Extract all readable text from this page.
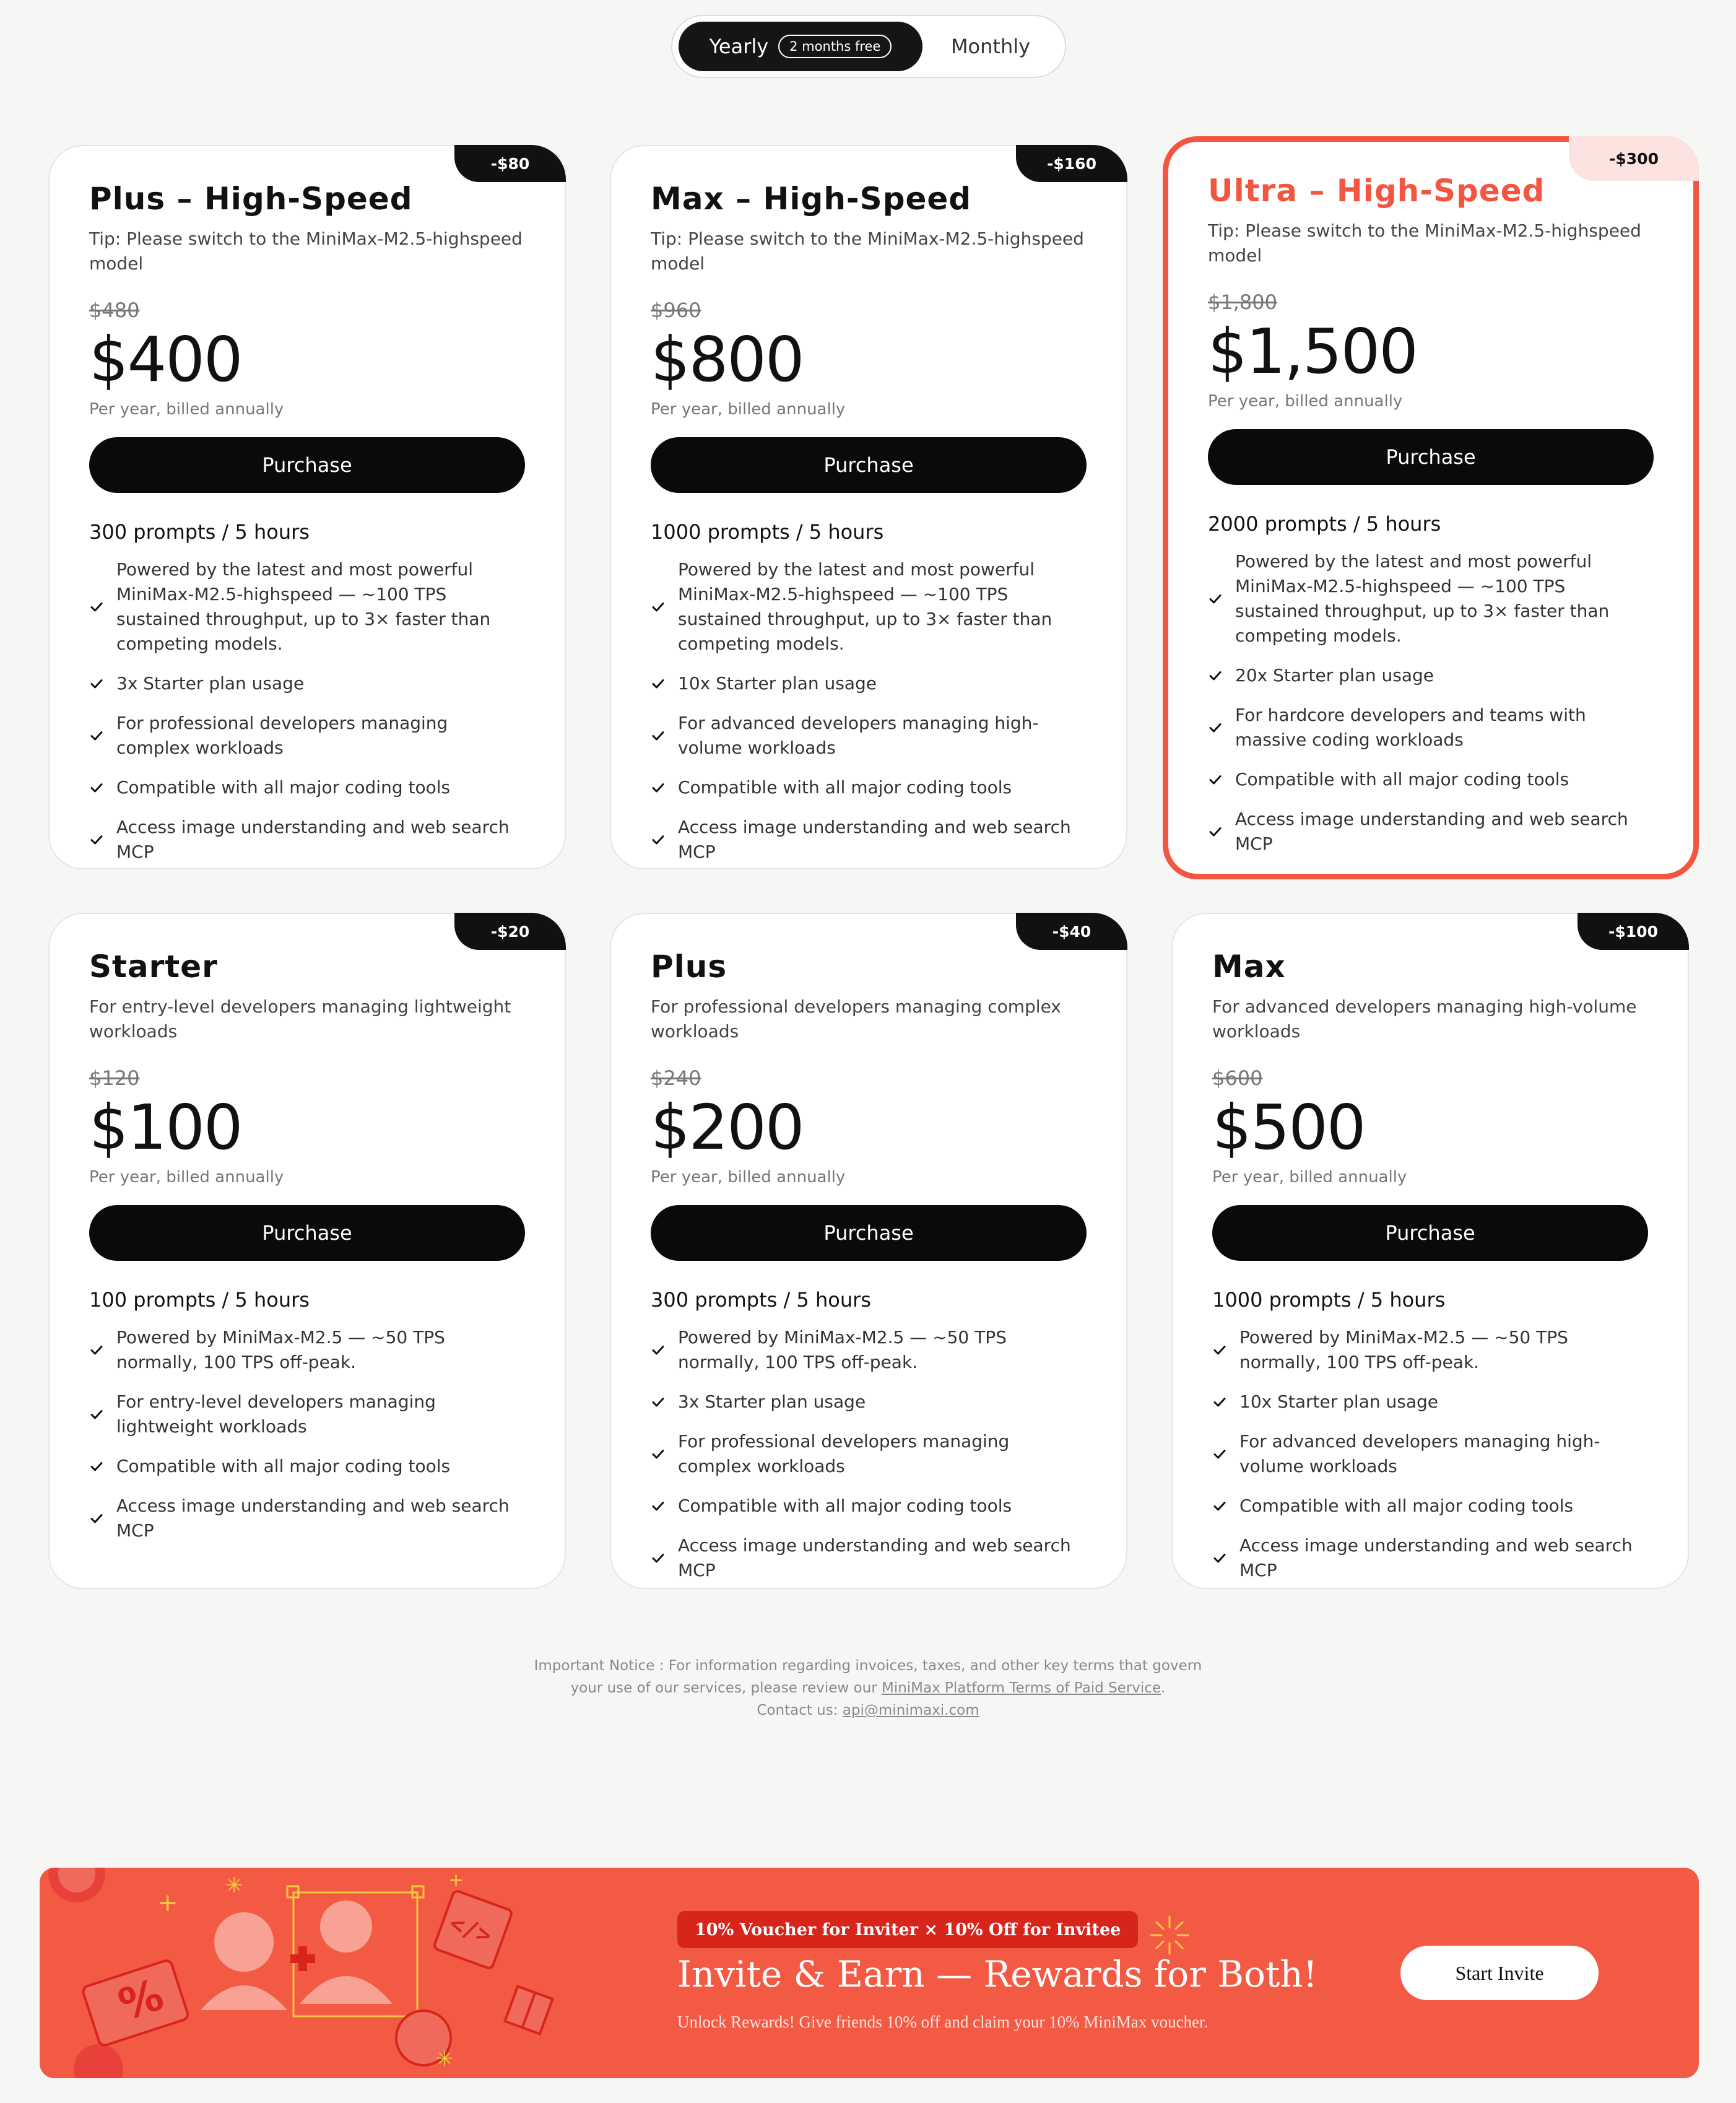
Yearly	2 months free	Monthly
-$80
Plus – High-Speed
Tip: Please switch to the MiniMax-M2.5-highspeed model
$480
$400
Per year, billed annually
Purchase
300 prompts / 5 hours
Powered by the latest and most powerful MiniMax-M2.5-highspeed — ~100 TPS sustained throughput, up to 3× faster than competing models.
3x Starter plan usage
For professional developers managing complex workloads
Compatible with all major coding tools
Access image understanding and web search MCP
-$160
Max – High-Speed
Tip: Please switch to the MiniMax-M2.5-highspeed model
$960
$800
Per year, billed annually
Purchase
1000 prompts / 5 hours
Powered by the latest and most powerful MiniMax-M2.5-highspeed — ~100 TPS sustained throughput, up to 3× faster than competing models.
10x Starter plan usage
For advanced developers managing high-volume workloads
Compatible with all major coding tools
Access image understanding and web search MCP
-$300
Ultra – High-Speed
Tip: Please switch to the MiniMax-M2.5-highspeed model
$1,800
$1,500
Per year, billed annually
Purchase
2000 prompts / 5 hours
Powered by the latest and most powerful MiniMax-M2.5-highspeed — ~100 TPS sustained throughput, up to 3× faster than competing models.
20x Starter plan usage
For hardcore developers and teams with massive coding workloads
Compatible with all major coding tools
Access image understanding and web search MCP
-$20
Starter
For entry-level developers managing lightweight workloads
$120
$100
Per year, billed annually
Purchase
100 prompts / 5 hours
Powered by MiniMax-M2.5 — ~50 TPS normally, 100 TPS off-peak.
For entry-level developers managing lightweight workloads
Compatible with all major coding tools
Access image understanding and web search MCP
-$40
Plus
For professional developers managing complex workloads
$240
$200
Per year, billed annually
Purchase
300 prompts / 5 hours
Powered by MiniMax-M2.5 — ~50 TPS normally, 100 TPS off-peak.
3x Starter plan usage
For professional developers managing complex workloads
Compatible with all major coding tools
Access image understanding and web search MCP
-$100
Max
For advanced developers managing high-volume workloads
$600
$500
Per year, billed annually
Purchase
1000 prompts / 5 hours
Powered by MiniMax-M2.5 — ~50 TPS normally, 100 TPS off-peak.
10x Starter plan usage
For advanced developers managing high-volume workloads
Compatible with all major coding tools
Access image understanding and web search MCP
Important Notice : For information regarding invoices, taxes, and other key terms that govern your use of our services, please review our MiniMax Platform Terms of Paid Service.
Contact us: api@minimaxi.com
%
</>
✳
+
✳
+
10% Voucher for Inviter × 10% Off for Invitee
Invite & Earn — Rewards for Both!
Unlock Rewards! Give friends 10% off and claim your 10% MiniMax voucher.
Start Invite
